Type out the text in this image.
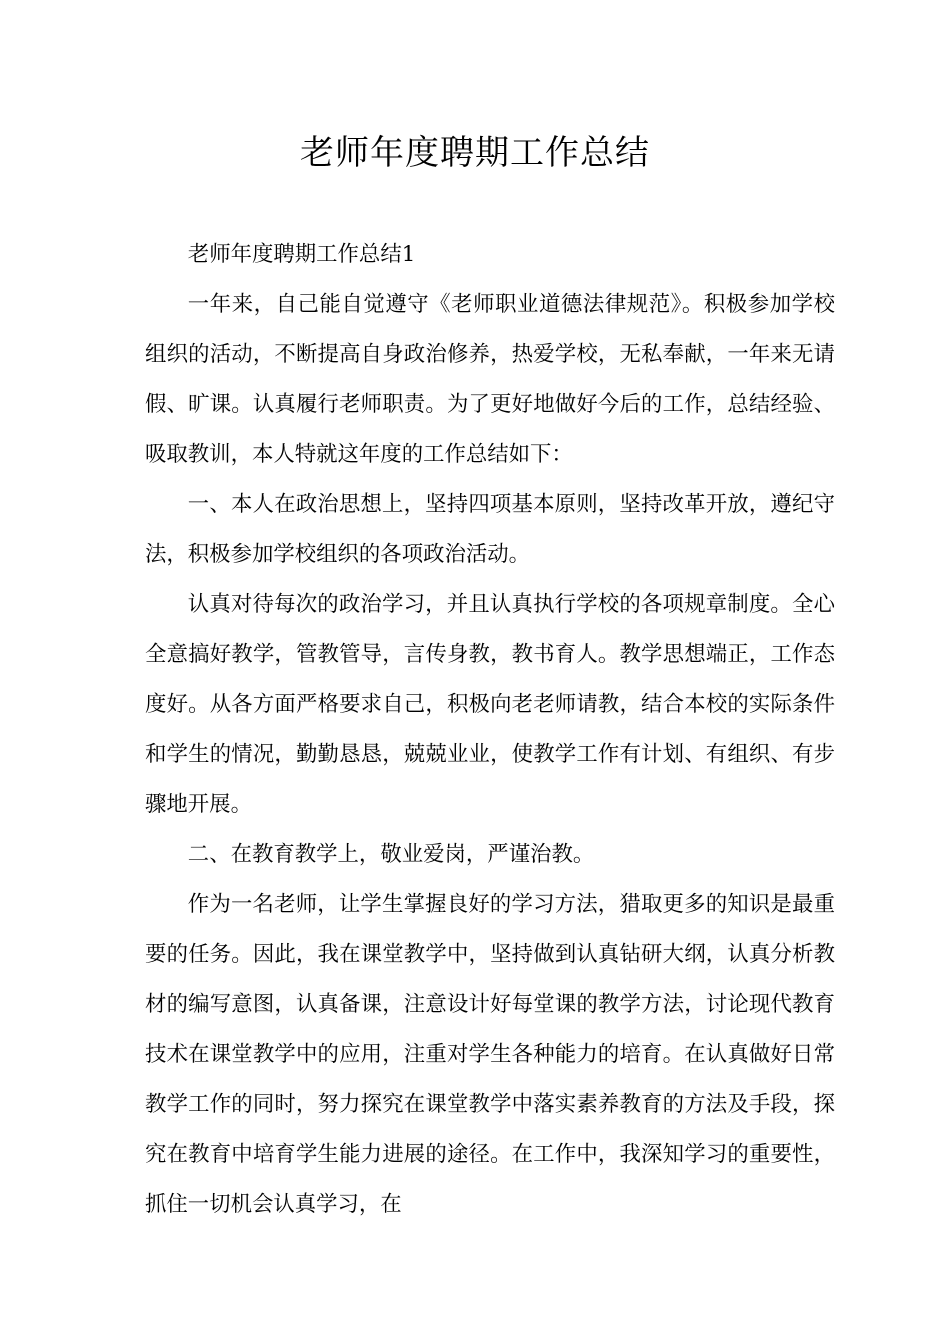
老师年度聘期工作总结

老师年度聘期工作总结1

一年来，自己能自觉遵守《老师职业道德法律规范》。积极参加学校组织的活动，不断提高自身政治修养，热爱学校，无私奉献，一年来无请假、旷课。认真履行老师职责。为了更好地做好今后的工作，总结经验、吸取教训，本人特就这年度的工作总结如下：

一、本人在政治思想上，坚持四项基本原则，坚持改革开放，遵纪守法，积极参加学校组织的各项政治活动。

认真对待每次的政治学习，并且认真执行学校的各项规章制度。全心全意搞好教学，管教管导，言传身教，教书育人。教学思想端正，工作态度好。从各方面严格要求自己，积极向老老师请教，结合本校的实际条件和学生的情况，勤勤恳恳，兢兢业业，使教学工作有计划、有组织、有步骤地开展。

二、在教育教学上，敬业爱岗，严谨治教。

作为一名老师，让学生掌握良好的学习方法，猎取更多的知识是最重要的任务。因此，我在课堂教学中，坚持做到认真钻研大纲，认真分析教材的编写意图，认真备课，注意设计好每堂课的教学方法，讨论现代教育技术在课堂教学中的应用，注重对学生各种能力的培育。在认真做好日常教学工作的同时，努力探究在课堂教学中落实素养教育的方法及手段，探究在教育中培育学生能力进展的途径。在工作中，我深知学习的重要性，抓住一切机会认真学习，在
